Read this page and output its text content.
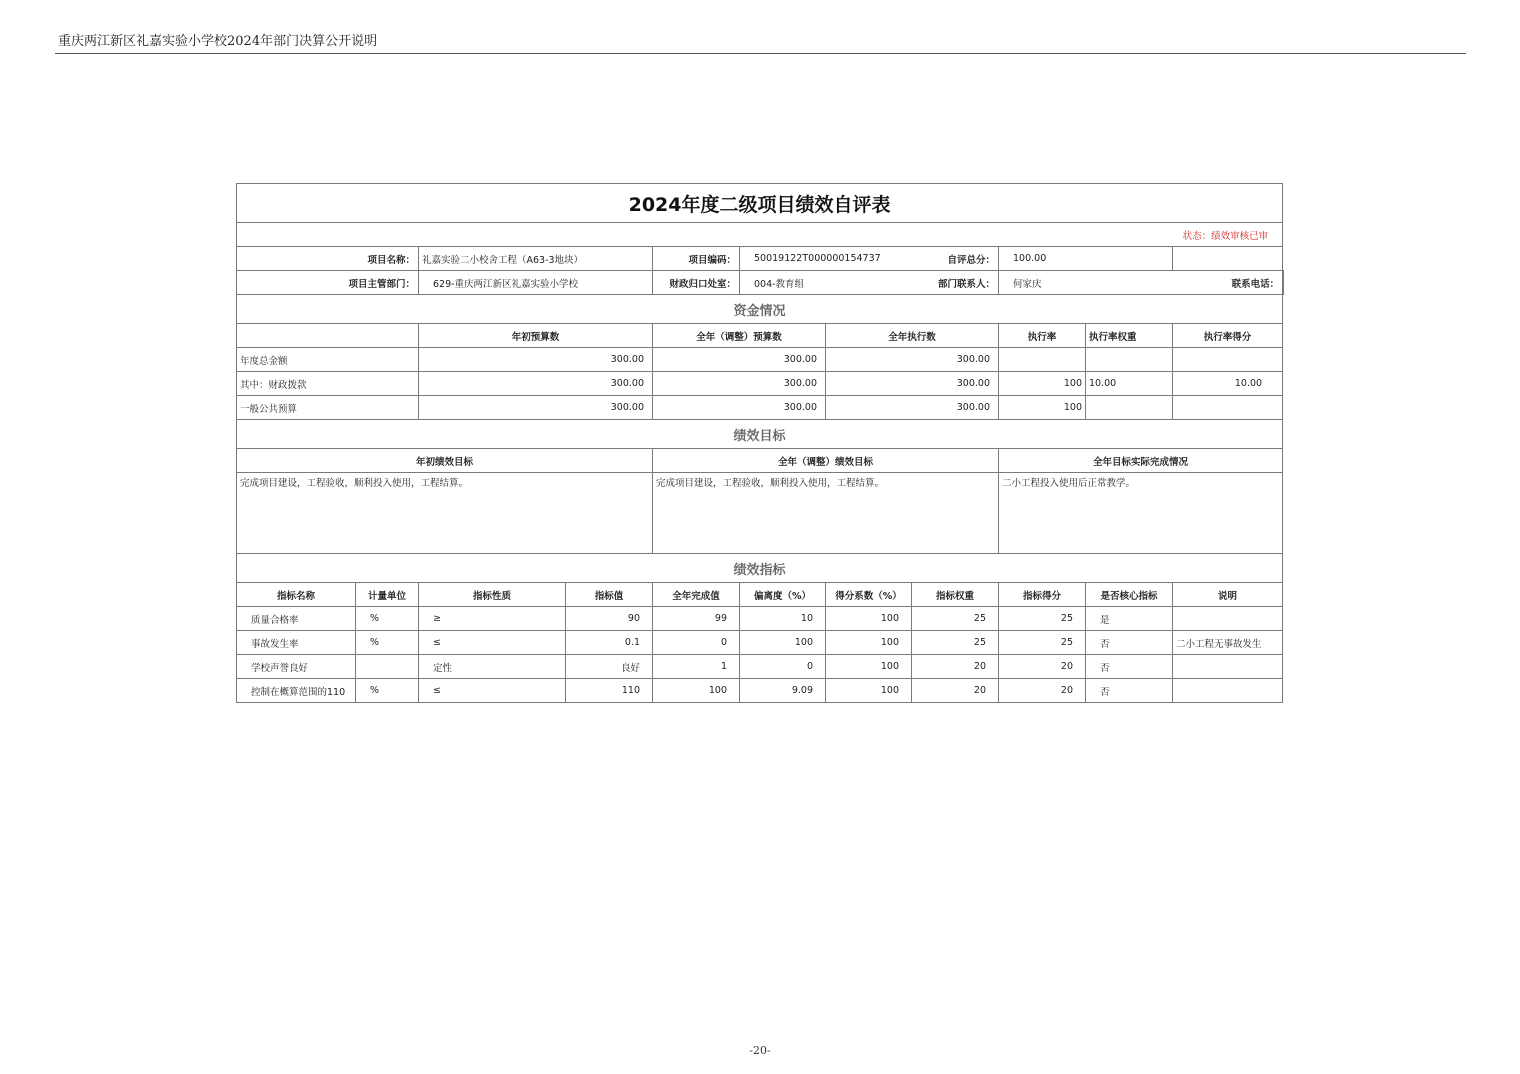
重庆两江新区礼嘉实验小学校2024年部门决算公开说明
2024年度二级项目绩效自评表											
状态：绩效审核已审											
项目名称：		礼嘉实验二小校舍工程（A63-3地块）		项目编码：	50019122T000000154737		自评总分：	100.00			
项目主管部门：		629-重庆两江新区礼嘉实验小学校		财政归口处室：	004-教育组		部门联系人：	何家庆		联系电话：	
资金情况											
		年初预算数		全年（调整）预算数		全年执行数		执行率	执行率权重	执行率得分	
年度总金额		300.00		300.00		300.00					
其中：财政拨款		300.00		300.00		300.00		100	10.00	10.00	
一般公共预算		300.00		300.00		300.00		100			
绩效目标											
年初绩效目标				全年（调整）绩效目标				全年目标实际完成情况			
完成项目建设，工程验收，顺利投入使用，工程结算。				完成项目建设，工程验收，顺利投入使用，工程结算。				二小工程投入使用后正常教学。			
绩效指标											
指标名称	计量单位	指标性质	指标值	全年完成值	偏离度（%）	得分系数（%）	指标权重	指标得分	是否核心指标	说明	
质量合格率	%	≥	90	99	10	100	25	25	是		
事故发生率	%	≤	0.1	0	100	100	25	25	否	二小工程无事故发生	
学校声誉良好		定性	良好	1	0	100	20	20	否		
控制在概算范围的110	%	≤	110	100	9.09	100	20	20	否		
-20-
